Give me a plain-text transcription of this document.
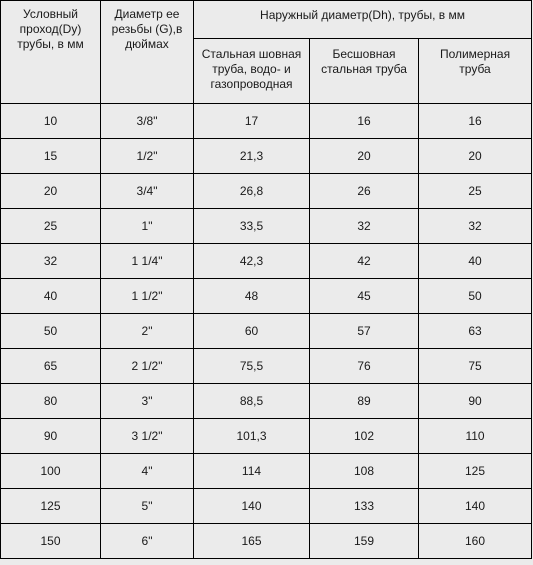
Условный проход(Dy) трубы, в мм	Диаметр ее резьбы (G),в дюймах	Наружный диаметр(Dh), трубы, в мм		

		Стальная шовная труба, водо- и газопроводная	Бесшовная стальная труба	Полимерная труба

10	3/8"	17	16	16
15	1/2"	21,3	20	20
20	3/4"	26,8	26	25
25	1"	33,5	32	32
32	1 1/4"	42,3	42	40
40	1 1/2"	48	45	50
50	2"	60	57	63
65	2 1/2"	75,5	76	75
80	3"	88,5	89	90
90	3 1/2"	101,3	102	110
100	4"	114	108	125
125	5"	140	133	140
150	6"	165	159	160
